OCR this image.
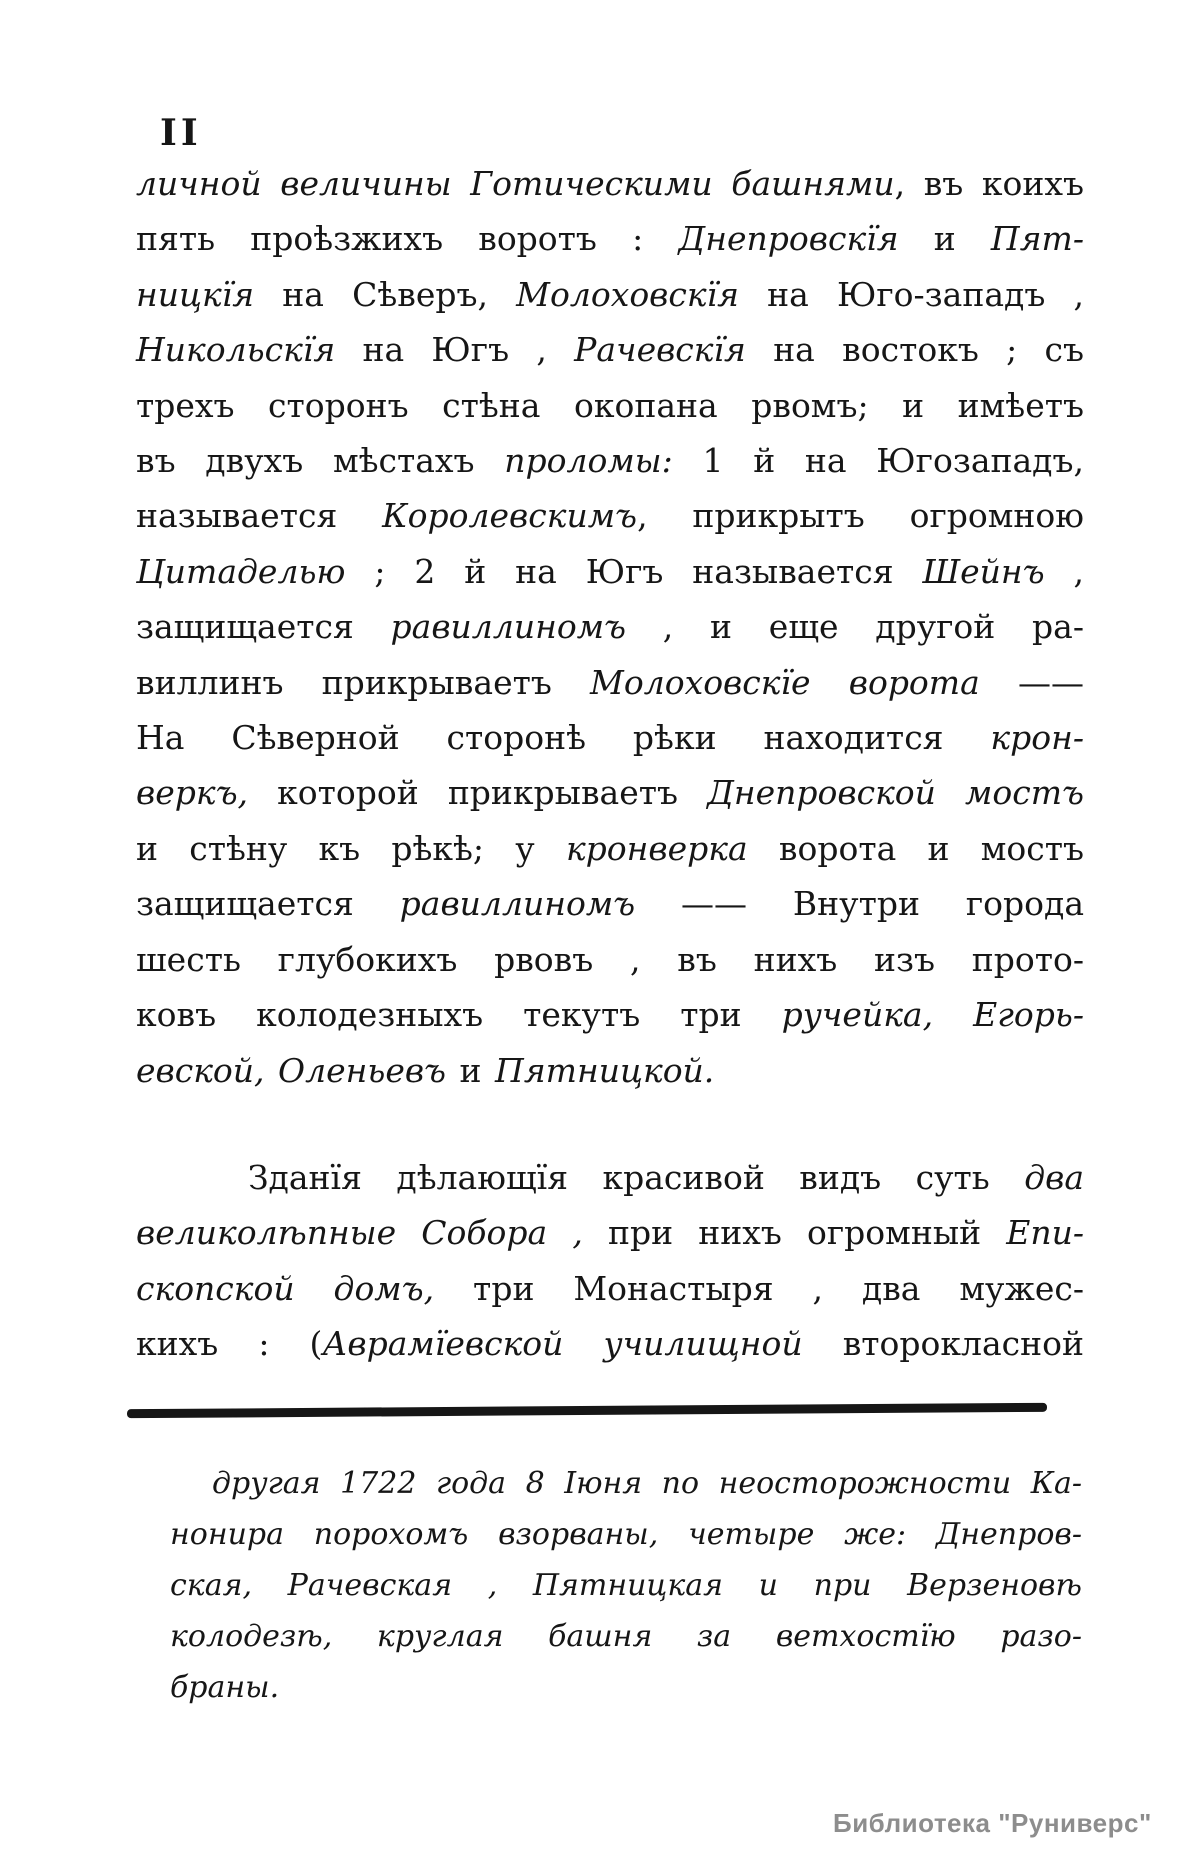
II
личной величины Готическими башнями, въ коихъ
пять проѣзжихъ воротъ : Днепровскїя и Пят-
ницкїя на Сѣверъ, Молоховскїя на Юго-западъ ,
Никольскїя на Югъ , Рачевскїя на востокъ ; съ
трехъ сторонъ стѣна окопана рвомъ; и имѣетъ
въ двухъ мѣстахъ проломы: 1 й на Югозападъ,
называется Королевскимъ, прикрытъ огромною
Цитаделью ; 2 й на Югъ называется Шейнъ ,
защищается равиллиномъ , и еще другой ра-
виллинъ прикрываетъ Молоховскїе ворота ——
На Сѣверной сторонѣ рѣки находится крон-
веркъ, которой прикрываетъ Днепровской мостъ
и стѣну къ рѣкѣ; у кронверка ворота и мостъ
защищается равиллиномъ —— Внутри города
шесть глубокихъ рвовъ , въ нихъ изъ прото-
ковъ колодезныхъ текутъ три ручейка, Егорь-
евской, Оленьевъ и Пятницкой.
Зданїя дѣлающїя красивой видъ суть два
великолѣпные Собора , при нихъ огромный Епи-
скопской домъ, три Монастыря , два мужес-
кихъ : (Аврамїевской училищной второкласной
другая 1722 года 8 Іюня по неосторожности Ка-
нонира порохомъ взорваны, четыре же: Днепров-
ская, Рачевская , Пятницкая и при Верзеновѣ
колодезѣ, круглая башня за ветхостїю разо-
браны.
Библиотека "Руниверс"
